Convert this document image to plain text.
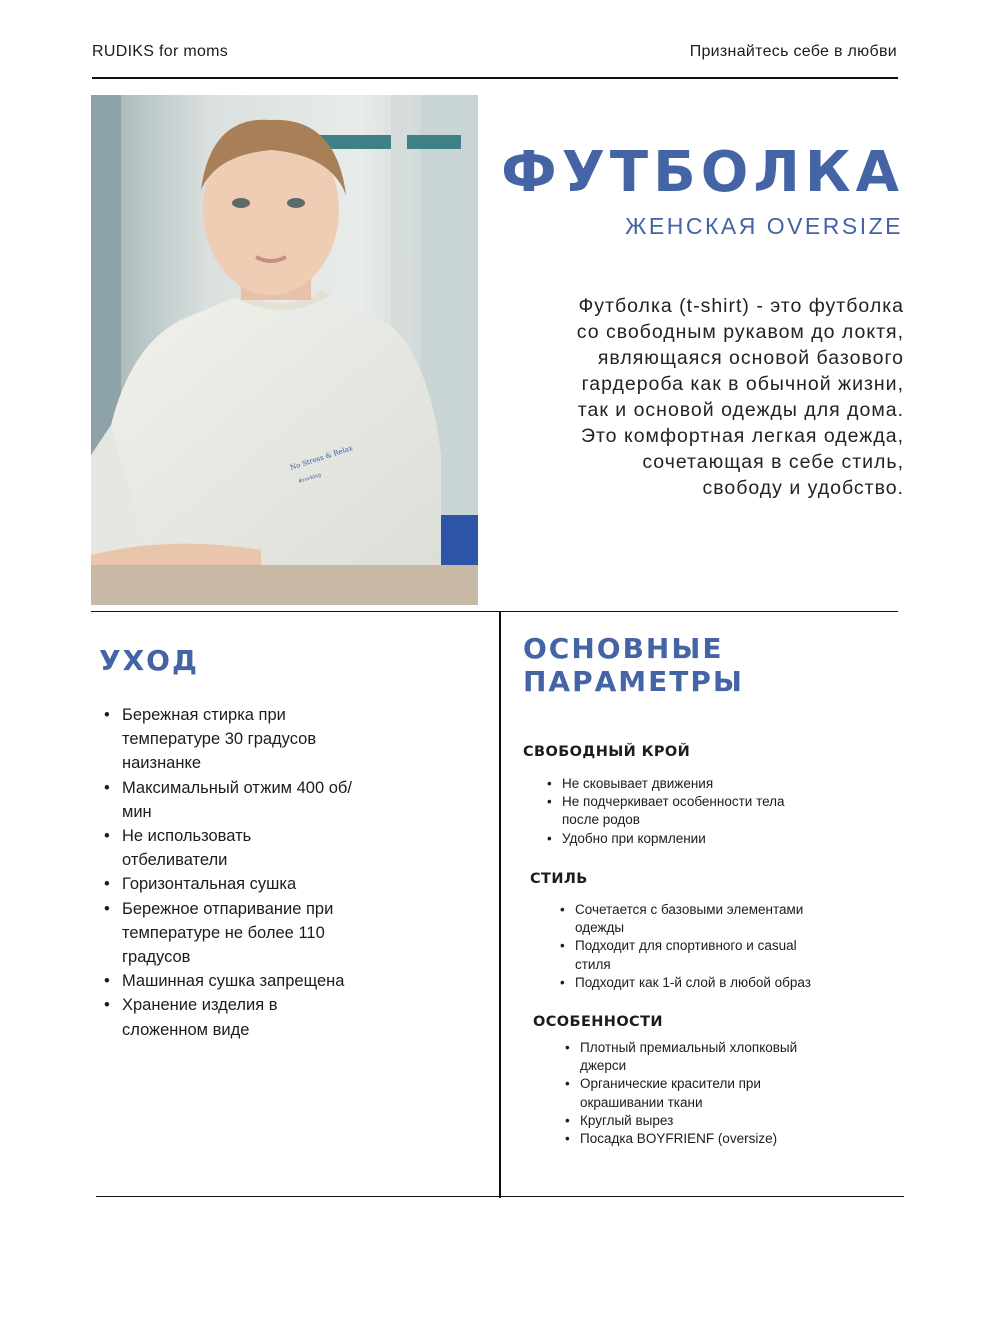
RUDIKS for moms	Признайтесь себе в любви
No Stress & Relax
#rocking
ФУТБОЛКА
ЖЕНСКАЯ OVERSIZE
Футболка (t-shirt) - это футболка
со свободным рукавом до локтя,
являющаяся основой базового
гардероба как в обычной жизни,
так и основой одежды для дома.
Это комфортная легкая одежда,
сочетающая в себе стиль,
свободу и удобство.
УХОД
• Бережная стирка при
температуре 30 градусов
наизнанке
• Максимальный отжим 400 об/
мин
• Не использовать
отбеливатели
• Горизонтальная сушка
• Бережное отпаривание при
температуре не более 110
градусов
• Машинная сушка запрещена
• Хранение изделия в
сложенном виде
ОСНОВНЫЕ
ПАРАМЕТРЫ
СВОБОДНЫЙ КРОЙ
• Не сковывает движения
• Не подчеркивает особенности тела
после родов
• Удобно при кормлении
СТИЛЬ
• Сочетается с базовыми элементами
одежды
• Подходит для спортивного и casual
стиля
• Подходит как 1-й слой в любой образ
ОСОБЕННОСТИ
• Плотный премиальный хлопковый
джерси
• Органические красители при
окрашивании ткани
• Круглый вырез
• Посадка BOYFRIENF (oversize)
